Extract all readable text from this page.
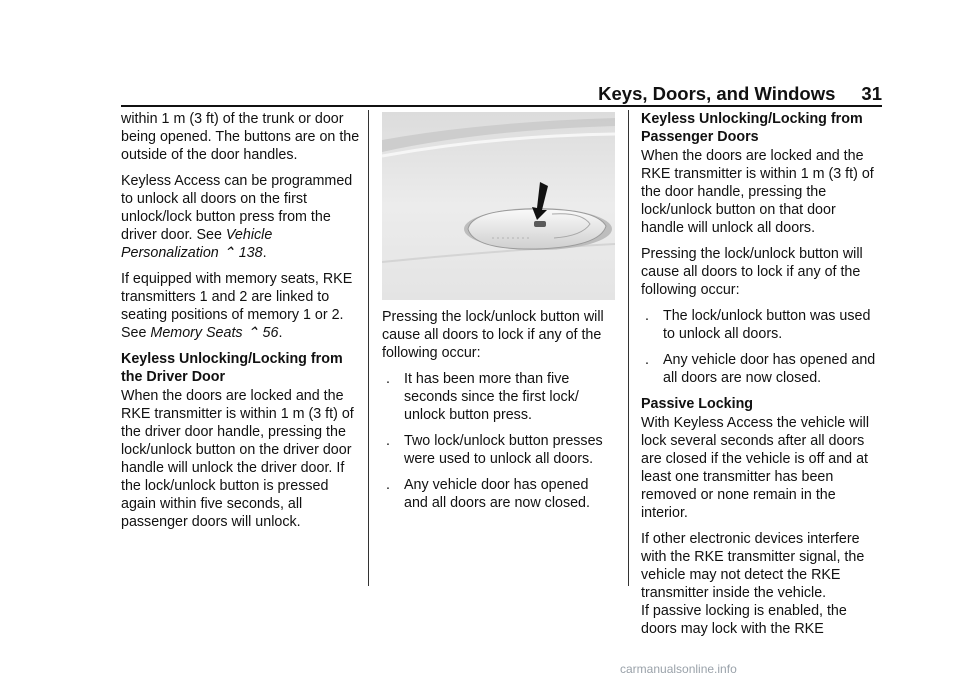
Keys, Doors, and Windows 31

within 1 m (3 ft) of the trunk or door being opened. The buttons are on the outside of the door handles.

Keyless Access can be programmed to unlock all doors on the first unlock/lock button press from the driver door. See Vehicle Personalization ⌃ 138.

If equipped with memory seats, RKE transmitters 1 and 2 are linked to seating positions of memory 1 or 2. See Memory Seats ⌃ 56.

Keyless Unlocking/Locking from the Driver Door

When the doors are locked and the RKE transmitter is within 1 m (3 ft) of the driver door handle, pressing the lock/unlock button on the driver door handle will unlock the driver door. If the lock/unlock button is pressed again within five seconds, all passenger doors will unlock.

Pressing the lock/unlock button will cause all doors to lock if any of the following occur:

. It has been more than five seconds since the first lock/ unlock button press.
. Two lock/unlock button presses were used to unlock all doors.
. Any vehicle door has opened and all doors are now closed.

Keyless Unlocking/Locking from Passenger Doors

When the doors are locked and the RKE transmitter is within 1 m (3 ft) of the door handle, pressing the lock/unlock button on that door handle will unlock all doors.

Pressing the lock/unlock button will cause all doors to lock if any of the following occur:

. The lock/unlock button was used to unlock all doors.
. Any vehicle door has opened and all doors are now closed.

Passive Locking

With Keyless Access the vehicle will lock several seconds after all doors are closed if the vehicle is off and at least one transmitter has been removed or none remain in the interior.

If other electronic devices interfere with the RKE transmitter signal, the vehicle may not detect the RKE transmitter inside the vehicle.

If passive locking is enabled, the doors may lock with the RKE

carmanualsonline.info
